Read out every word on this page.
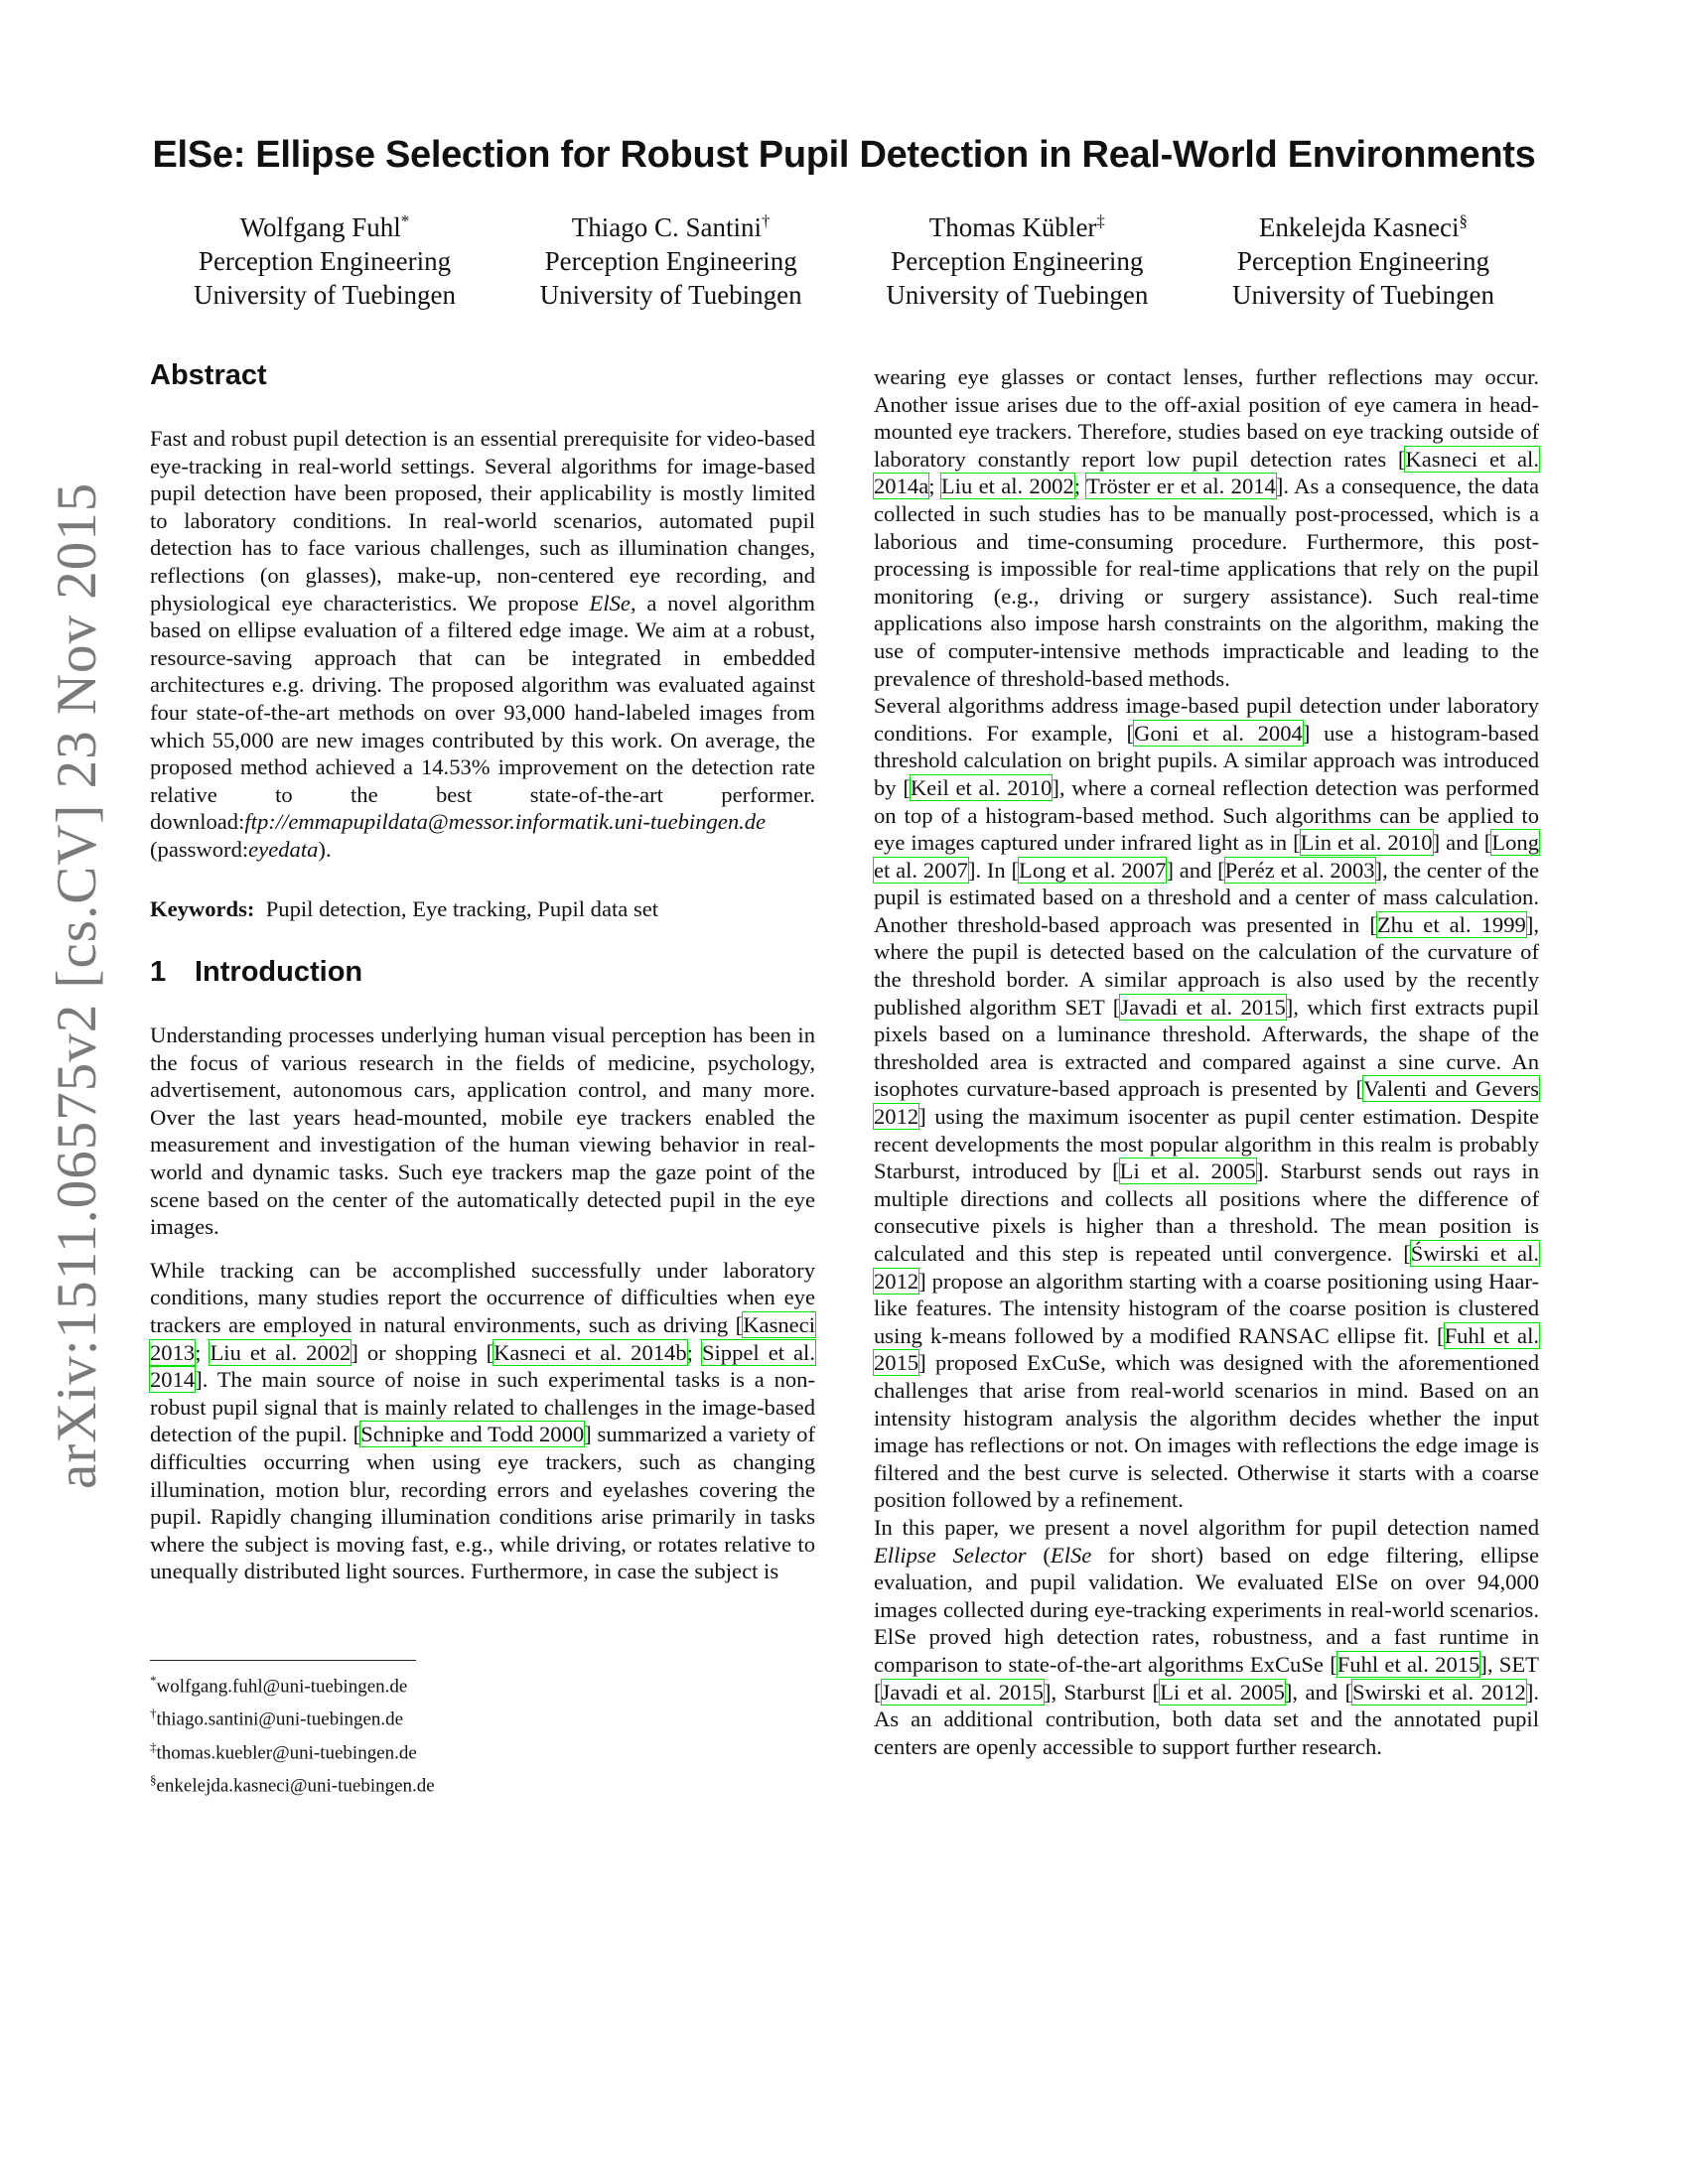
arXiv:1511.06575v2 [cs.CV] 23 Nov 2015
ElSe: Ellipse Selection for Robust Pupil Detection in Real-World Environments
Wolfgang Fuhl*
Perception Engineering
University of Tuebingen
Thiago C. Santini†
Perception Engineering
University of Tuebingen
Thomas Kübler‡
Perception Engineering
University of Tuebingen
Enkelejda Kasneci§
Perception Engineering
University of Tuebingen
Abstract

Fast and robust pupil detection is an essential prerequisite for video-based eye-tracking in real-world settings. Several algorithms for image-based pupil detection have been proposed, their applicability is mostly limited to laboratory conditions. In real-world scenarios, automated pupil detection has to face various challenges, such as illumination changes, reflections (on glasses), make-up, non-centered eye recording, and physiological eye characteristics. We propose ElSe, a novel algorithm based on ellipse evaluation of a filtered edge image. We aim at a robust, resource-saving approach that can be integrated in embedded architectures e.g. driving. The proposed algorithm was evaluated against four state-of-the-art methods on over 93,000 hand-labeled images from which 55,000 are new images contributed by this work. On average, the proposed method achieved a 14.53% improvement on the detection rate relative to the best state-of-the-art performer. download:ftp://emmapupildata@messor.informatik.uni-tuebingen.de (password:eyedata).

Keywords: Pupil detection, Eye tracking, Pupil data set

1 Introduction

Understanding processes underlying human visual perception has been in the focus of various research in the fields of medicine, psychology, advertisement, autonomous cars, application control, and many more. Over the last years head-mounted, mobile eye trackers enabled the measurement and investigation of the human viewing behavior in real-world and dynamic tasks. Such eye trackers map the gaze point of the scene based on the center of the automatically detected pupil in the eye images.

While tracking can be accomplished successfully under laboratory conditions, many studies report the occurrence of difficulties when eye trackers are employed in natural environments, such as driving [Kasneci 2013; Liu et al. 2002] or shopping [Kasneci et al. 2014b; Sippel et al. 2014]. The main source of noise in such experimental tasks is a non-robust pupil signal that is mainly related to challenges in the image-based detection of the pupil. [Schnipke and Todd 2000] summarized a variety of difficulties occurring when using eye trackers, such as changing illumination, motion blur, recording errors and eyelashes covering the pupil. Rapidly changing illumination conditions arise primarily in tasks where the subject is moving fast, e.g., while driving, or rotates relative to unequally distributed light sources. Furthermore, in case the subject is

*wolfgang.fuhl@uni-tuebingen.de
†thiago.santini@uni-tuebingen.de
‡thomas.kuebler@uni-tuebingen.de
§enkelejda.kasneci@uni-tuebingen.de

wearing eye glasses or contact lenses, further reflections may occur. Another issue arises due to the off-axial position of eye camera in head-mounted eye trackers. Therefore, studies based on eye tracking outside of laboratory constantly report low pupil detection rates [Kasneci et al. 2014a; Liu et al. 2002; Tröster er et al. 2014]. As a consequence, the data collected in such studies has to be manually post-processed, which is a laborious and time-consuming procedure. Furthermore, this post-processing is impossible for real-time applications that rely on the pupil monitoring (e.g., driving or surgery assistance). Such real-time applications also impose harsh constraints on the algorithm, making the use of computer-intensive methods impracticable and leading to the prevalence of threshold-based methods.

Several algorithms address image-based pupil detection under laboratory conditions. For example, [Goni et al. 2004] use a histogram-based threshold calculation on bright pupils. A similar approach was introduced by [Keil et al. 2010], where a corneal reflection detection was performed on top of a histogram-based method. Such algorithms can be applied to eye images captured under infrared light as in [Lin et al. 2010] and [Long et al. 2007]. In [Long et al. 2007] and [Peréz et al. 2003], the center of the pupil is estimated based on a threshold and a center of mass calculation. Another threshold-based approach was presented in [Zhu et al. 1999], where the pupil is detected based on the calculation of the curvature of the threshold border. A similar approach is also used by the recently published algorithm SET [Javadi et al. 2015], which first extracts pupil pixels based on a luminance threshold. Afterwards, the shape of the thresholded area is extracted and compared against a sine curve. An isophotes curvature-based approach is presented by [Valenti and Gevers 2012] using the maximum isocenter as pupil center estimation. Despite recent developments the most popular algorithm in this realm is probably Starburst, introduced by [Li et al. 2005]. Starburst sends out rays in multiple directions and collects all positions where the difference of consecutive pixels is higher than a threshold. The mean position is calculated and this step is repeated until convergence. [Świrski et al. 2012] propose an algorithm starting with a coarse positioning using Haar-like features. The intensity histogram of the coarse position is clustered using k-means followed by a modified RANSAC ellipse fit. [Fuhl et al. 2015] proposed ExCuSe, which was designed with the aforementioned challenges that arise from real-world scenarios in mind. Based on an intensity histogram analysis the algorithm decides whether the input image has reflections or not. On images with reflections the edge image is filtered and the best curve is selected. Otherwise it starts with a coarse position followed by a refinement.

In this paper, we present a novel algorithm for pupil detection named Ellipse Selector (ElSe for short) based on edge filtering, ellipse evaluation, and pupil validation. We evaluated ElSe on over 94,000 images collected during eye-tracking experiments in real-world scenarios. ElSe proved high detection rates, robustness, and a fast runtime in comparison to state-of-the-art algorithms ExCuSe [Fuhl et al. 2015], SET [Javadi et al. 2015], Starburst [Li et al. 2005], and [Swirski et al. 2012]. As an additional contribution, both data set and the annotated pupil centers are openly accessible to support further research.
